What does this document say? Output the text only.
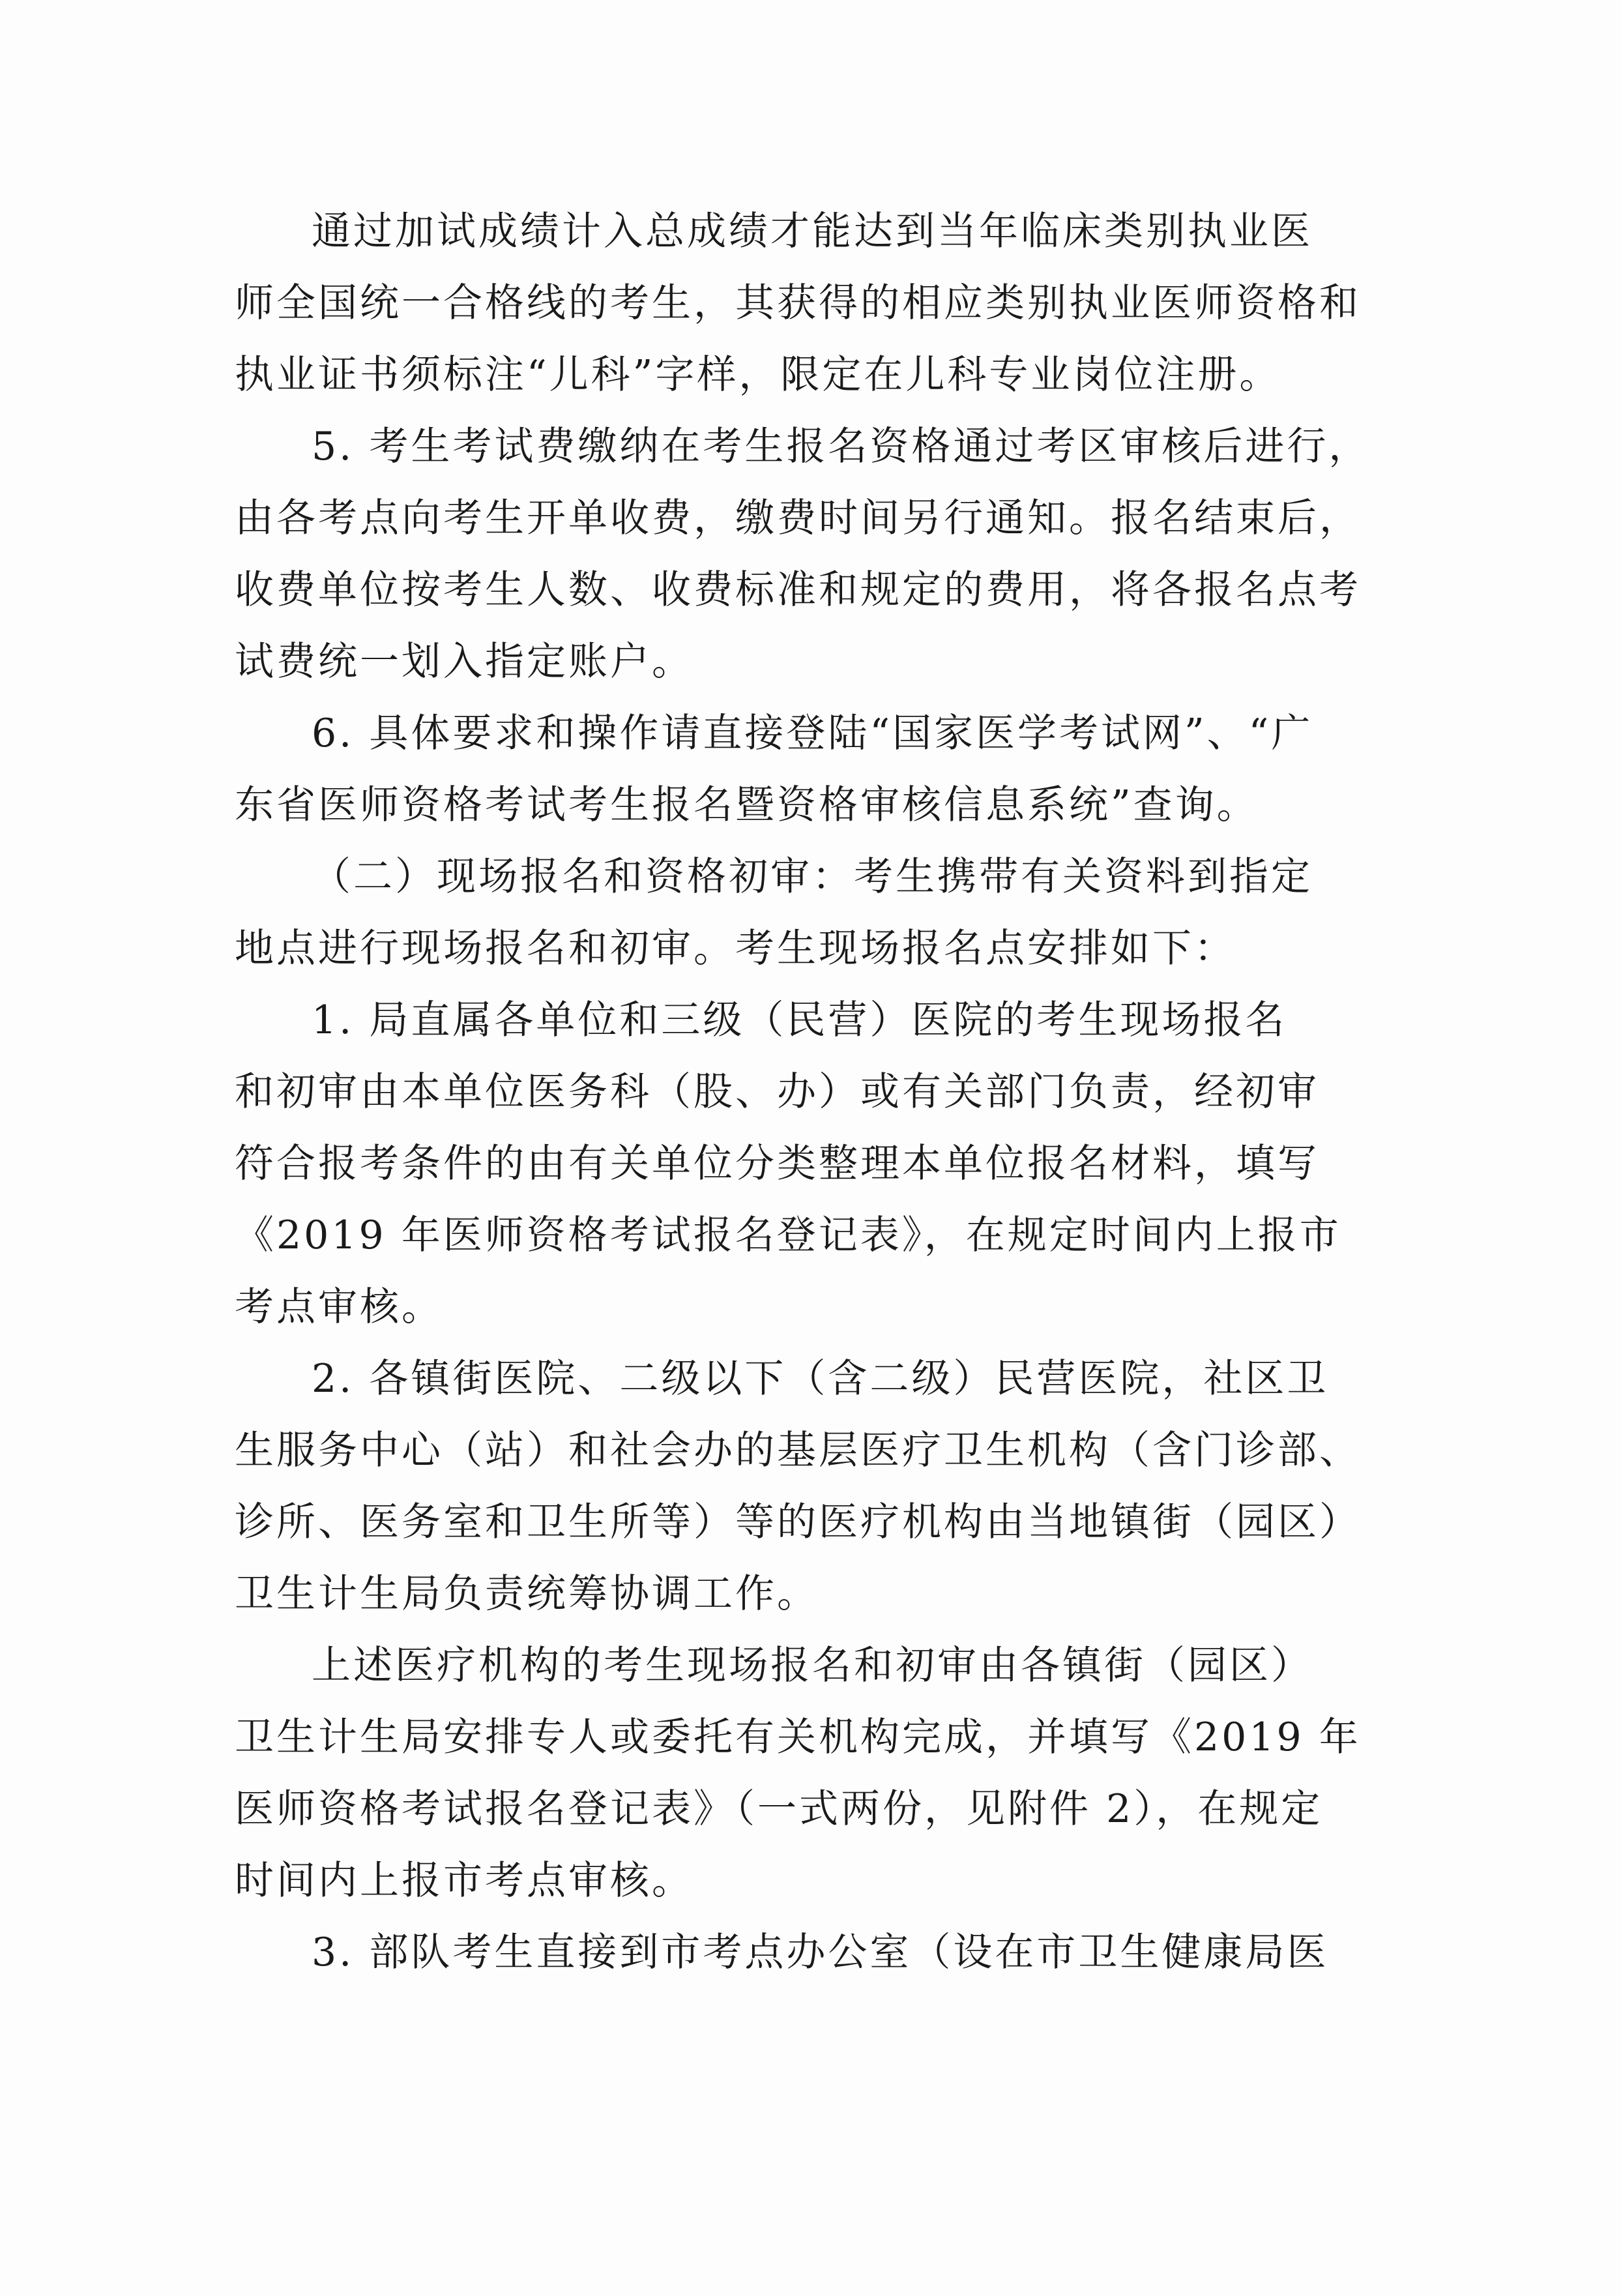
通过加试成绩计入总成绩才能达到当年临床类别执业医
师全国统一合格线的考生，其获得的相应类别执业医师资格和
执业证书须标注“儿科”字样，限定在儿科专业岗位注册。
5. 考生考试费缴纳在考生报名资格通过考区审核后进行，
由各考点向考生开单收费，缴费时间另行通知。报名结束后，
收费单位按考生人数、收费标准和规定的费用，将各报名点考
试费统一划入指定账户。
6. 具体要求和操作请直接登陆“国家医学考试网”、“广
东省医师资格考试考生报名暨资格审核信息系统”查询。
（二）现场报名和资格初审：考生携带有关资料到指定
地点进行现场报名和初审。考生现场报名点安排如下：
1. 局直属各单位和三级（民营）医院的考生现场报名
和初审由本单位医务科（股、办）或有关部门负责，经初审
符合报考条件的由有关单位分类整理本单位报名材料，填写
《2019 年医师资格考试报名登记表》，在规定时间内上报市
考点审核。
2. 各镇街医院、二级以下（含二级）民营医院，社区卫
生服务中心（站）和社会办的基层医疗卫生机构（含门诊部、
诊所、医务室和卫生所等）等的医疗机构由当地镇街（园区）
卫生计生局负责统筹协调工作。
上述医疗机构的考生现场报名和初审由各镇街（园区）
卫生计生局安排专人或委托有关机构完成，并填写《2019 年
医师资格考试报名登记表》（一式两份，见附件 2），在规定
时间内上报市考点审核。
3. 部队考生直接到市考点办公室（设在市卫生健康局医
